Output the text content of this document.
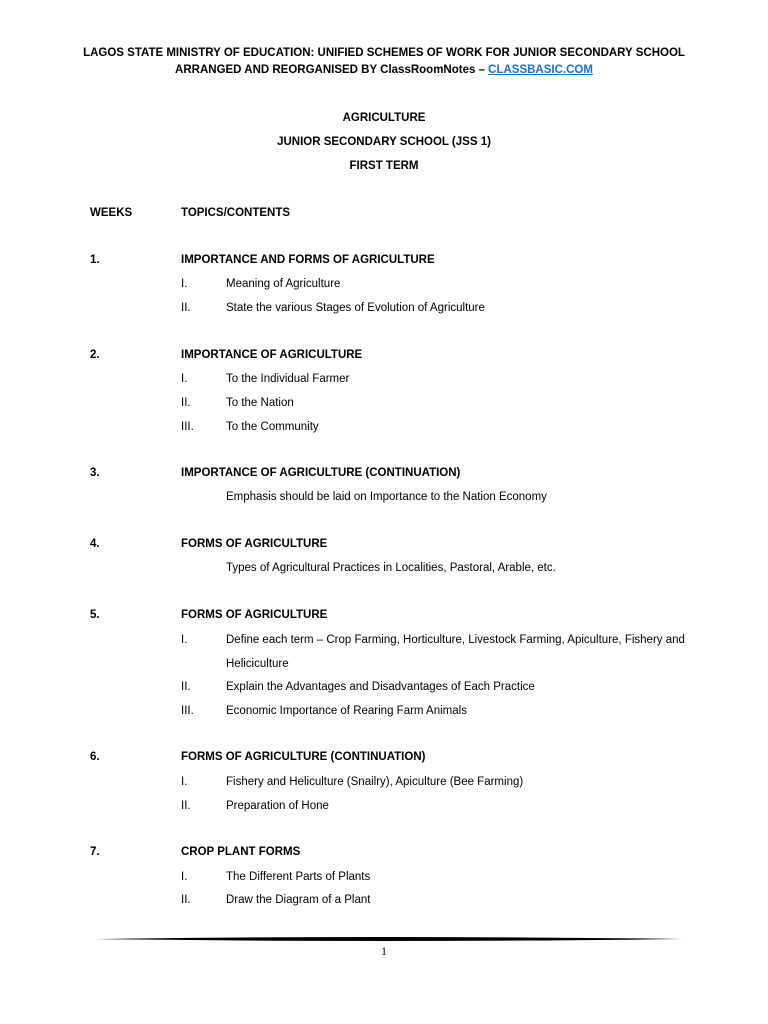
LAGOS STATE MINISTRY OF EDUCATION: UNIFIED SCHEMES OF WORK FOR JUNIOR SECONDARY SCHOOL
ARRANGED AND REORGANISED BY ClassRoomNotes – CLASSBASIC.COM
AGRICULTURE
JUNIOR SECONDARY SCHOOL (JSS 1)
FIRST TERM
WEEKS	TOPICS/CONTENTS
1.	IMPORTANCE AND FORMS OF AGRICULTURE
I.	Meaning of Agriculture
II.	State the various Stages of Evolution of Agriculture
2.	IMPORTANCE OF AGRICULTURE
I.	To the Individual Farmer
II.	To the Nation
III.	To the Community
3.	IMPORTANCE OF AGRICULTURE (CONTINUATION)
Emphasis should be laid on Importance to the Nation Economy
4.	FORMS OF AGRICULTURE
Types of Agricultural Practices in Localities, Pastoral, Arable, etc.
5.	FORMS OF AGRICULTURE
I.	Define each term – Crop Farming, Horticulture, Livestock Farming, Apiculture, Fishery and Heliciculture
II.	Explain the Advantages and Disadvantages of Each Practice
III.	Economic Importance of Rearing Farm Animals
6.	FORMS OF AGRICULTURE (CONTINUATION)
I.	Fishery and Heliculture (Snailry), Apiculture (Bee Farming)
II.	Preparation of Hone
7.	CROP PLANT FORMS
I.	The Different Parts of Plants
II.	Draw the Diagram of a Plant
1
